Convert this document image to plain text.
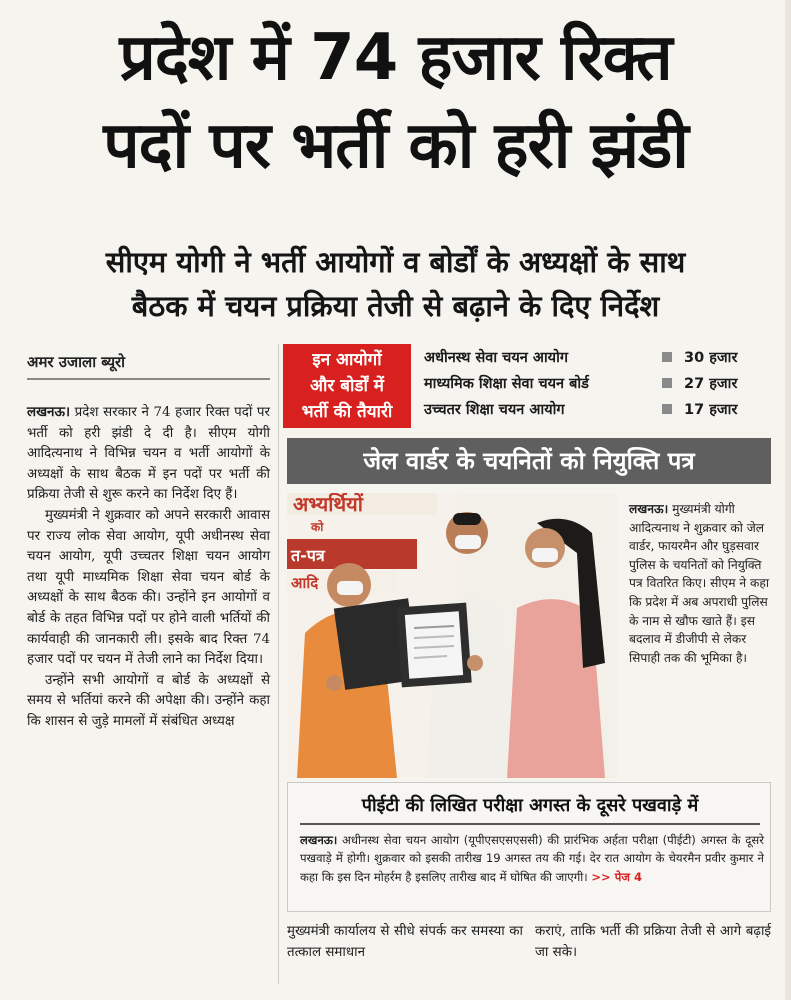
प्रदेश में 74 हजार रिक्त
पदों पर भर्ती को हरी झंडी
सीएम योगी ने भर्ती आयोगों व बोर्डों के अध्यक्षों के साथ
बैठक में चयन प्रक्रिया तेजी से बढ़ाने के दिए निर्देश
अमर उजाला ब्यूरो

लखनऊ। प्रदेश सरकार ने 74 हजार रिक्त पदों पर भर्ती को हरी झंडी दे दी है। सीएम योगी आदित्यनाथ ने विभिन्न चयन व भर्ती आयोगों के अध्यक्षों के साथ बैठक में इन पदों पर भर्ती की प्रक्रिया तेजी से शुरू करने का निर्देश दिए हैं।

मुख्यमंत्री ने शुक्रवार को अपने सरकारी आवास पर राज्य लोक सेवा आयोग, यूपी अधीनस्थ सेवा चयन आयोग, यूपी उच्चतर शिक्षा चयन आयोग तथा यूपी माध्यमिक शिक्षा सेवा चयन बोर्ड के अध्यक्षों के साथ बैठक की। उन्होंने इन आयोगों व बोर्ड के तहत विभिन्न पदों पर होने वाली भर्तियों की कार्यवाही की जानकारी ली। इसके बाद रिक्त 74 हजार पदों पर चयन में तेजी लाने का निर्देश दिया।

उन्होंने सभी आयोगों व बोर्ड के अध्यक्षों से समय से भर्तियां करने की अपेक्षा की। उन्होंने कहा कि शासन से जुड़े मामलों में संबंधित अध्यक्ष

इन आयोगों
और बोर्डों में
भर्ती की तैयारी
अधीनस्थ सेवा चयन आयोग	30 हजार
माध्यमिक शिक्षा सेवा चयन बोर्ड	27 हजार
उच्चतर शिक्षा चयन आयोग	17 हजार
जेल वार्डर के चयनितों को नियुक्ति पत्र
अभ्यर्थियों
को
त-पत्र
आदि
लखनऊ। मुख्यमंत्री योगी आदित्यनाथ ने शुक्रवार को जेल वार्डर, फायरमैन और घुड़सवार पुलिस के चयनितों को नियुक्ति पत्र वितरित किए। सीएम ने कहा कि प्रदेश में अब अपराधी पुलिस के नाम से खौफ खाते हैं। इस बदलाव में डीजीपी से लेकर सिपाही तक की भूमिका है।
पीईटी की लिखित परीक्षा अगस्त के दूसरे पखवाड़े में
लखनऊ। अधीनस्थ सेवा चयन आयोग (यूपीएसएसएससी) की प्रारंभिक अर्हता परीक्षा (पीईटी) अगस्त के दूसरे पखवाड़े में होगी। शुक्रवार को इसकी तारीख 19 अगस्त तय की गई। देर रात आयोग के चेयरमैन प्रवीर कुमार ने कहा कि इस दिन मोहर्रम है इसलिए तारीख बाद में घोषित की जाएगी। >> पेज 4
मुख्यमंत्री कार्यालय से सीधे संपर्क कर समस्या का तत्काल समाधान
कराएं, ताकि भर्ती की प्रक्रिया तेजी से आगे बढ़ाई जा सके।
